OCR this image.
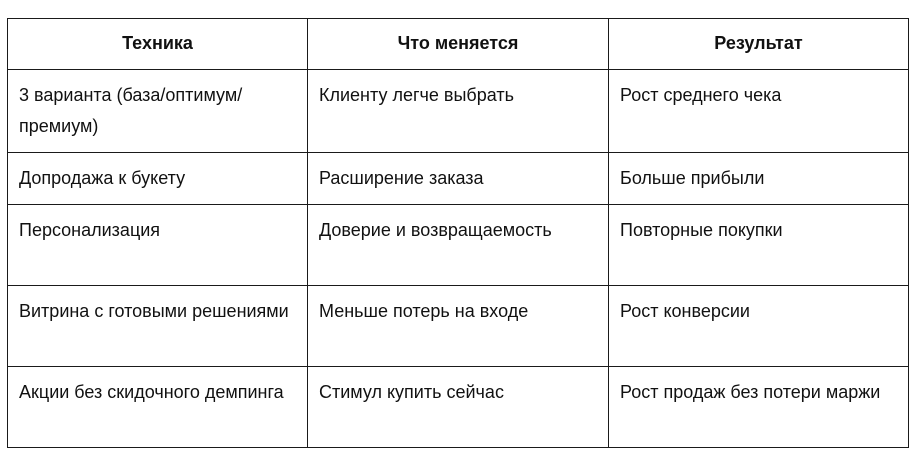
Техника	Что меняется	Результат
3 варианта (база/оптимум/премиум)	Клиенту легче выбрать	Рост среднего чека
Допродажа к букету	Расширение заказа	Больше прибыли
Персонализация	Доверие и возвращаемость	Повторные покупки
Витрина с готовыми решениями	Меньше потерь на входе	Рост конверсии
Акции без скидочного демпинга	Стимул купить сейчас	Рост продаж без потери маржи
